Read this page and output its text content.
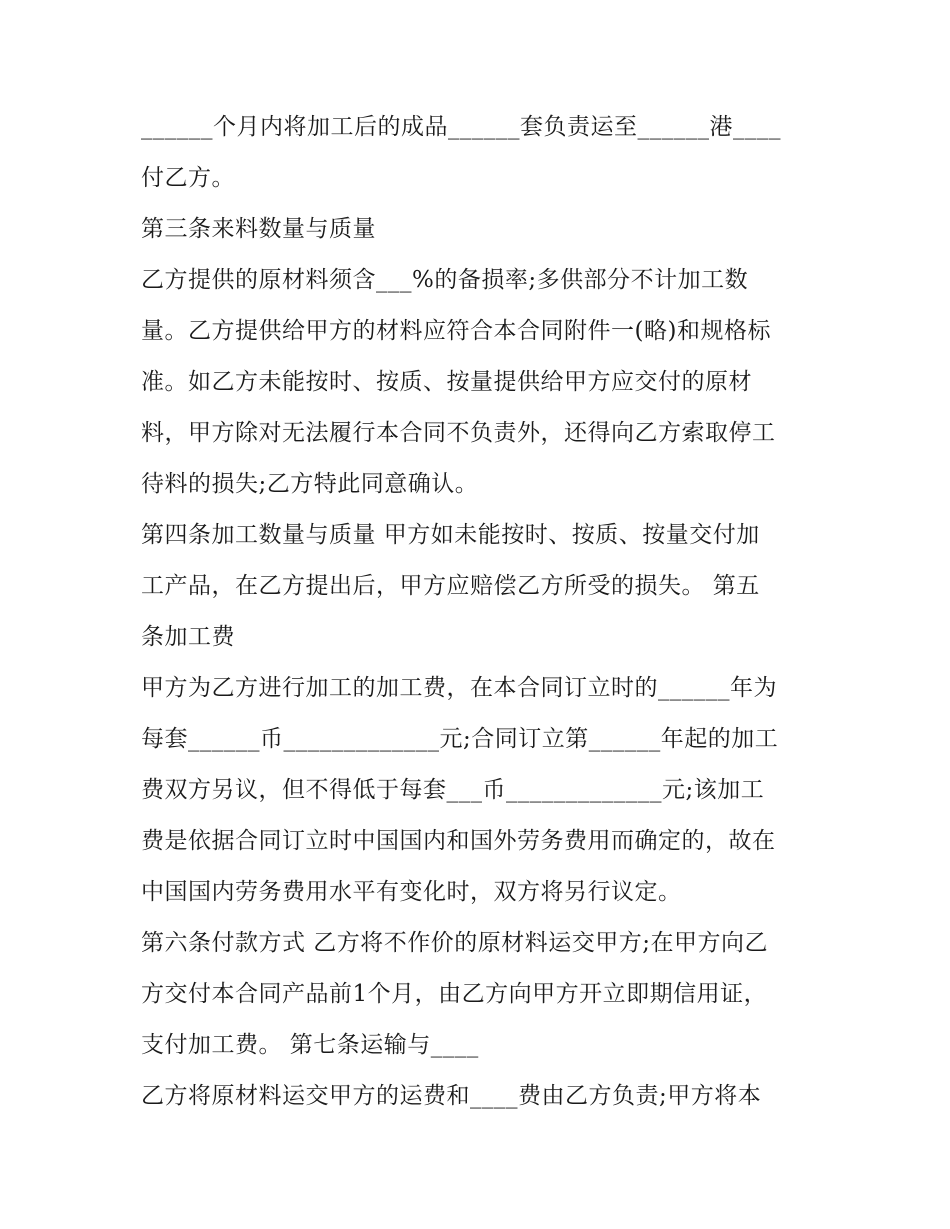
______个月内将加工后的成品______套负责运至______港____
付乙方。
第三条来料数量与质量
乙方提供的原材料须含___%的备损率;多供部分不计加工数
量。乙方提供给甲方的材料应符合本合同附件一(略)和规格标
准。如乙方未能按时、按质、按量提供给甲方应交付的原材
料，甲方除对无法履行本合同不负责外，还得向乙方索取停工
待料的损失;乙方特此同意确认。
第四条加工数量与质量 甲方如未能按时、按质、按量交付加
工产品，在乙方提出后，甲方应赔偿乙方所受的损失。 第五
条加工费
甲方为乙方进行加工的加工费，在本合同订立时的______年为
每套______币_____________元;合同订立第______年起的加工
费双方另议，但不得低于每套___币_____________元;该加工
费是依据合同订立时中国国内和国外劳务费用而确定的，故在
中国国内劳务费用水平有变化时，双方将另行议定。
第六条付款方式 乙方将不作价的原材料运交甲方;在甲方向乙
方交付本合同产品前1个月，由乙方向甲方开立即期信用证，
支付加工费。 第七条运输与____
乙方将原材料运交甲方的运费和____费由乙方负责;甲方将本
